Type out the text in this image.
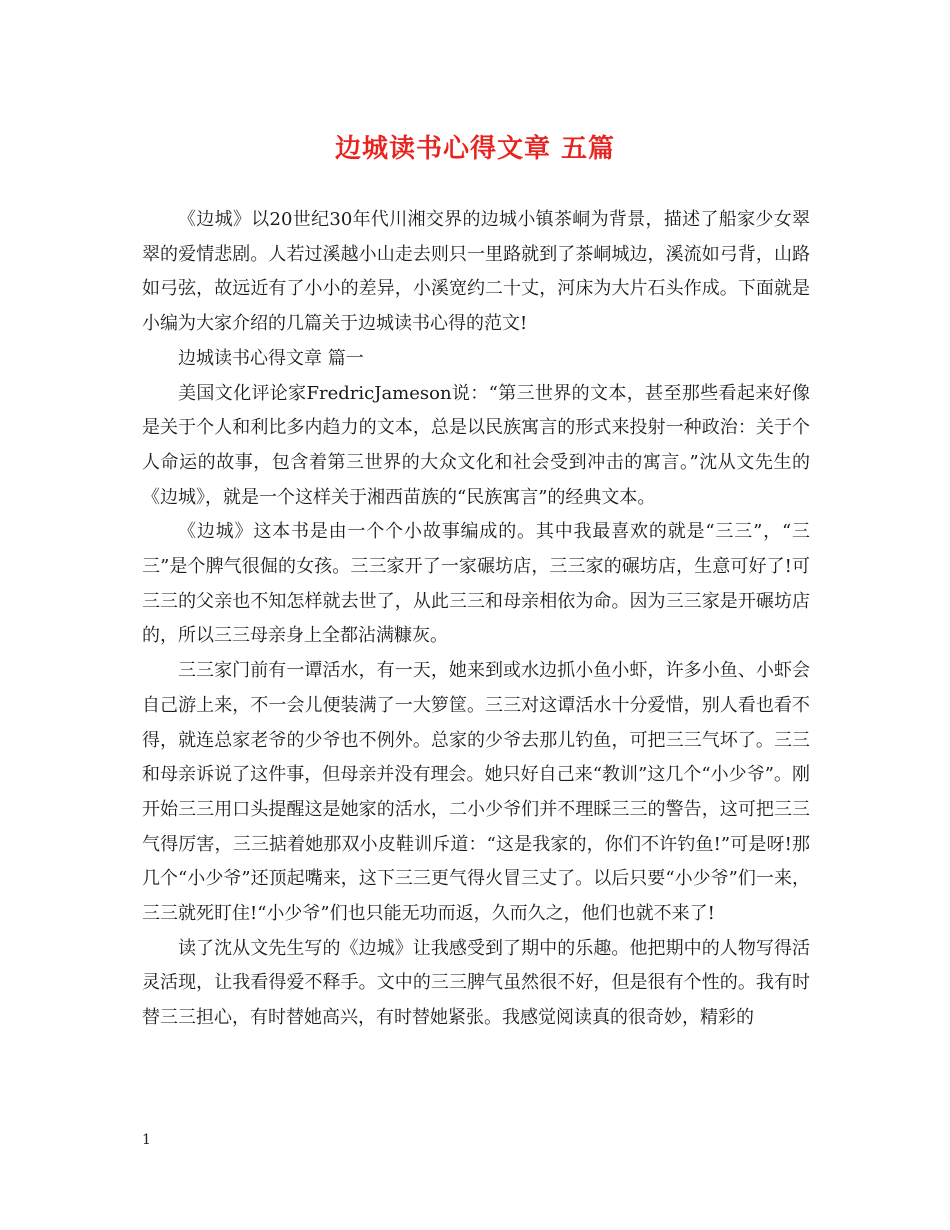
边城读书心得文章 五篇

《边城》以20世纪30年代川湘交界的边城小镇茶峒为背景，描述了船家少女翠翠的爱情悲剧。人若过溪越小山走去则只一里路就到了茶峒城边，溪流如弓背，山路如弓弦，故远近有了小小的差异，小溪宽约二十丈，河床为大片石头作成。下面就是小编为大家介绍的几篇关于边城读书心得的范文!

边城读书心得文章 篇一

美国文化评论家FredricJameson说：“第三世界的文本，甚至那些看起来好像是关于个人和利比多内趋力的文本，总是以民族寓言的形式来投射一种政治：关于个人命运的故事，包含着第三世界的大众文化和社会受到冲击的寓言。”沈从文先生的《边城》，就是一个这样关于湘西苗族的“民族寓言”的经典文本。

《边城》这本书是由一个个小故事编成的。其中我最喜欢的就是“三三”，“三三”是个脾气很倔的女孩。三三家开了一家碾坊店，三三家的碾坊店，生意可好了!可三三的父亲也不知怎样就去世了，从此三三和母亲相依为命。因为三三家是开碾坊店的，所以三三母亲身上全都沾满糠灰。

三三家门前有一谭活水，有一天，她来到或水边抓小鱼小虾，许多小鱼、小虾会自己游上来，不一会儿便装满了一大箩筐。三三对这谭活水十分爱惜，别人看也看不得，就连总家老爷的少爷也不例外。总家的少爷去那儿钓鱼，可把三三气坏了。三三和母亲诉说了这件事，但母亲并没有理会。她只好自己来“教训”这几个“小少爷”。刚开始三三用口头提醒这是她家的活水，二小少爷们并不理睬三三的警告，这可把三三气得厉害，三三掂着她那双小皮鞋训斥道：“这是我家的，你们不许钓鱼!”可是呀!那几个“小少爷”还顶起嘴来，这下三三更气得火冒三丈了。以后只要“小少爷”们一来，三三就死盯住!“小少爷”们也只能无功而返，久而久之，他们也就不来了!

读了沈从文先生写的《边城》让我感受到了期中的乐趣。他把期中的人物写得活灵活现，让我看得爱不释手。文中的三三脾气虽然很不好，但是很有个性的。我有时替三三担心，有时替她高兴，有时替她紧张。我感觉阅读真的很奇妙，精彩的

1
